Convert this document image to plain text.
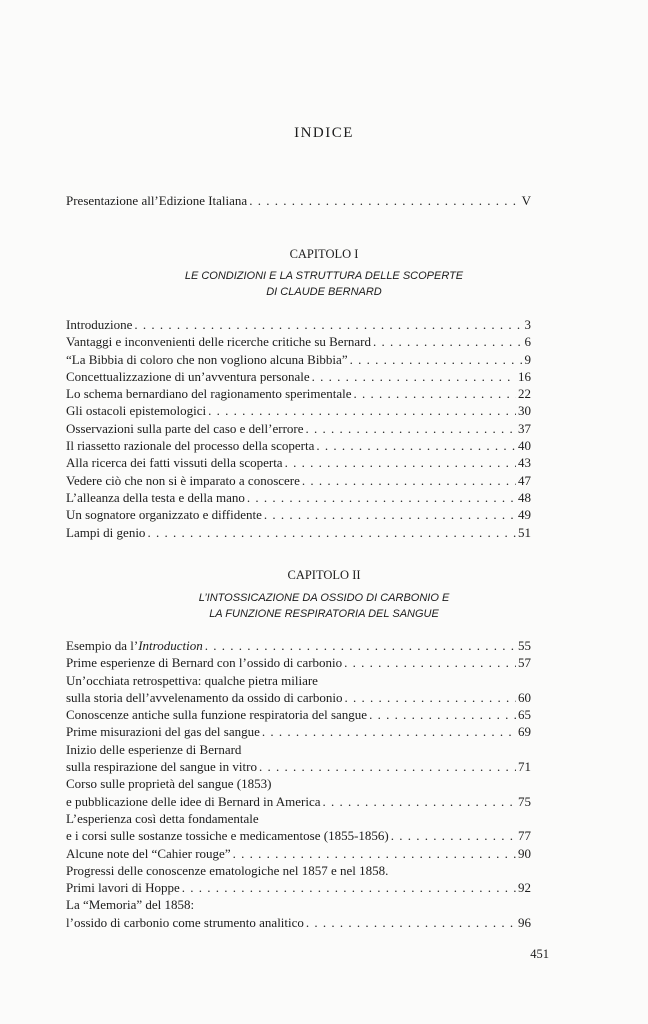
INDICE
Presentazione all’Edizione Italiana . . .	V
CAPITOLO I
LE CONDIZIONI E LA STRUTTURA DELLE SCOPERTE
DI CLAUDE BERNARD
Introduzione . . .	3
Vantaggi e inconvenienti delle ricerche critiche su Bernard . . .	6
“La Bibbia di coloro che non vogliono alcuna Bibbia” . . .	9
Concettualizzazione di un’avventura personale . . .	16
Lo schema bernardiano del ragionamento sperimentale . . .	22
Gli ostacoli epistemologici . . .	30
Osservazioni sulla parte del caso e dell’errore . . .	37
Il riassetto razionale del processo della scoperta . . .	40
Alla ricerca dei fatti vissuti della scoperta . . .	43
Vedere ciò che non si è imparato a conoscere . . .	47
L’alleanza della testa e della mano . . .	48
Un sognatore organizzato e diffidente . . .	49
Lampi di genio . . .	51
CAPITOLO II
L’INTOSSICAZIONE DA OSSIDO DI CARBONIO E
LA FUNZIONE RESPIRATORIA DEL SANGUE
Esempio da l’Introduction . . .	55
Prime esperienze di Bernard con l’ossido di carbonio . . .	57
Un’occhiata retrospettiva: qualche pietra miliare
sulla storia dell’avvelenamento da ossido di carbonio . . .	60
Conoscenze antiche sulla funzione respiratoria del sangue . . .	65
Prime misurazioni del gas del sangue . . .	69
Inizio delle esperienze di Bernard
sulla respirazione del sangue in vitro . . .	71
Corso sulle proprietà del sangue (1853)
e pubblicazione delle idee di Bernard in America . . .	75
L’esperienza così detta fondamentale
e i corsi sulle sostanze tossiche e medicamentose (1855-1856) . . .	77
Alcune note del “Cahier rouge” . . .	90
Progressi delle conoscenze ematologiche nel 1857 e nel 1858.
Primi lavori di Hoppe . . .	92
La “Memoria” del 1858:
l’ossido di carbonio come strumento analitico . . .	96
451
